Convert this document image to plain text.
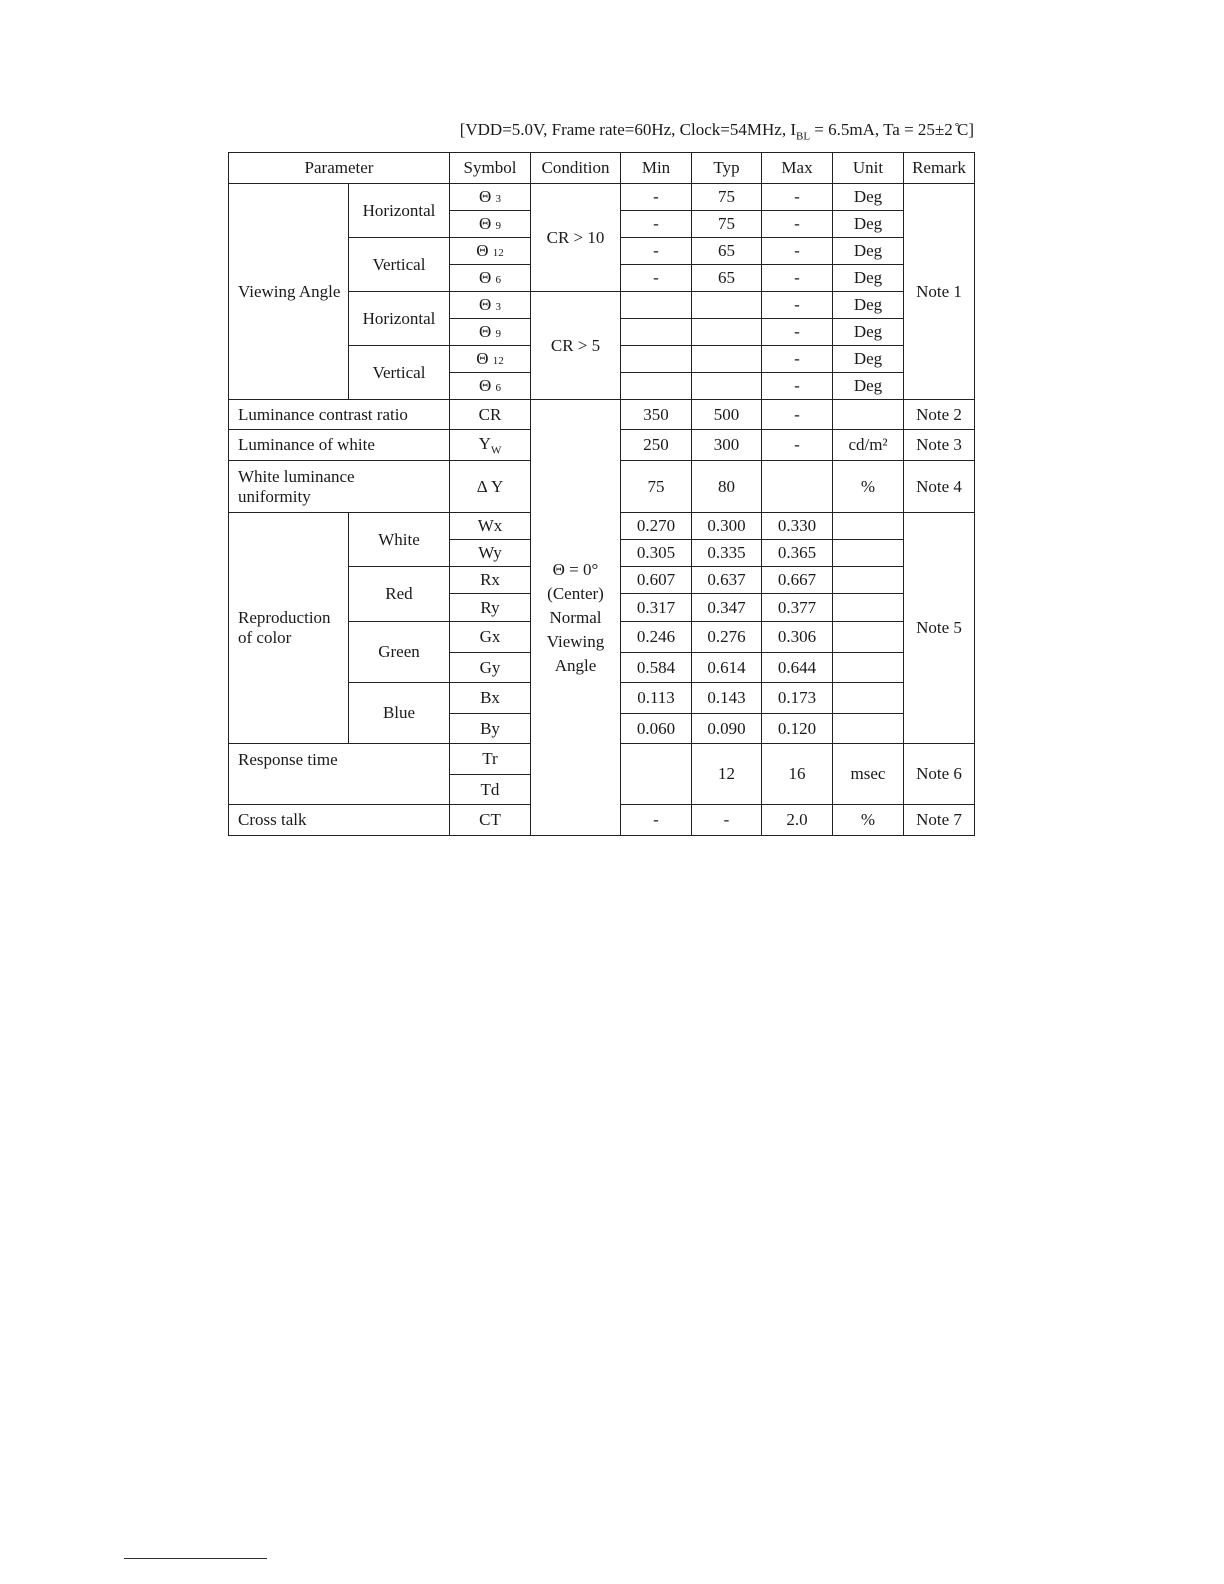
[VDD=5.0V, Frame rate=60Hz, Clock=54MHz, $I_{BL} = 6.5mA$, Ta = 25±2 ̊C]
Parameter		Symbol	Condition	Min	Typ	Max	Unit	Remark
Viewing Angle	Horizontal	Θ 3	CR > 10	-	75	-	Deg	Note 1
		Θ 9		-	75	-	Deg	
	Vertical	Θ 12		-	65	-	Deg	
		Θ 6		-	65	-	Deg	
	Horizontal	Θ 3	CR > 5			-	Deg	
		Θ 9				-	Deg	
	Vertical	Θ 12				-	Deg	
		Θ 6				-	Deg	
Luminance contrast ratio		CR	Θ = 0° (Center) Normal Viewing Angle	350	500	-		Note 2
Luminance of white		$Y_W$		250	300	-	cd/m²	Note 3
White luminance uniformity		Δ Y		75	80		%	Note 4
Reproduction of color	White	Wx		0.270	0.300	0.330		Note 5
		Wy		0.305	0.335	0.365		
	Red	Rx		0.607	0.637	0.667		
		Ry		0.317	0.347	0.377		
	Green	Gx		0.246	0.276	0.306		
		Gy		0.584	0.614	0.644		
	Blue	Bx		0.113	0.143	0.173		
		By		0.060	0.090	0.120		
Response time		Tr			12	16	msec	Note 6
		Td						
Cross talk		CT		-	-	2.0	%	Note 7
